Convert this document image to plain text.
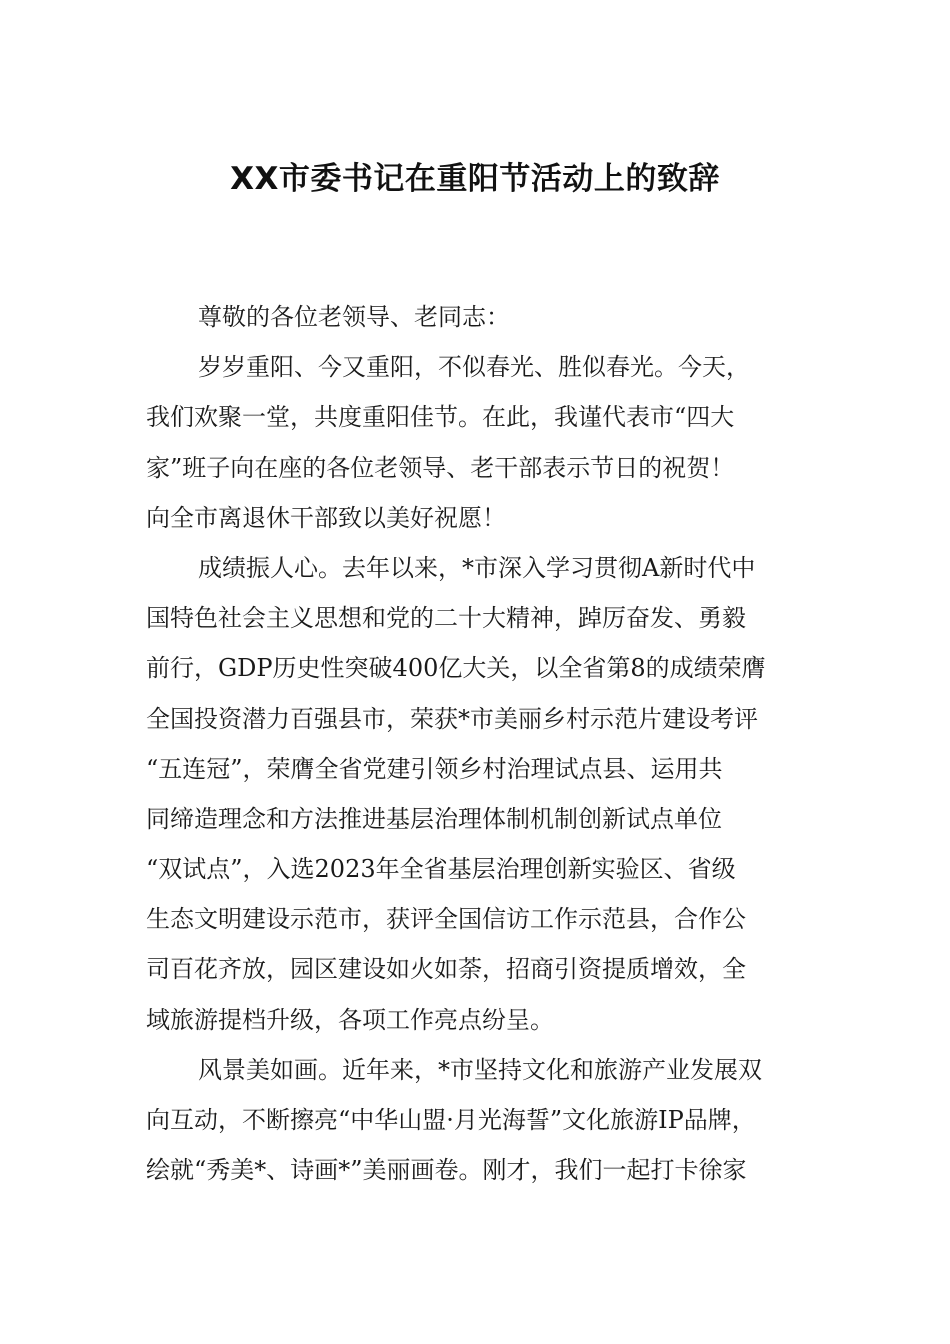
XX市委书记在重阳节活动上的致辞
尊敬的各位老领导、老同志：
岁岁重阳、今又重阳，不似春光、胜似春光。今天，
我们欢聚一堂，共度重阳佳节。在此，我谨代表市“四大
家”班子向在座的各位老领导、老干部表示节日的祝贺！
向全市离退休干部致以美好祝愿！
成绩振人心。去年以来，*市深入学习贯彻A新时代中
国特色社会主义思想和党的二十大精神，踔厉奋发、勇毅
前行，GDP历史性突破400亿大关，以全省第8的成绩荣膺
全国投资潜力百强县市，荣获*市美丽乡村示范片建设考评
“五连冠”，荣膺全省党建引领乡村治理试点县、运用共
同缔造理念和方法推进基层治理体制机制创新试点单位
“双试点”，入选2023年全省基层治理创新实验区、省级
生态文明建设示范市，获评全国信访工作示范县，合作公
司百花齐放，园区建设如火如荼，招商引资提质增效，全
域旅游提档升级，各项工作亮点纷呈。
风景美如画。近年来，*市坚持文化和旅游产业发展双
向互动，不断擦亮“中华山盟·月光海誓”文化旅游IP品牌，
绘就“秀美*、诗画*”美丽画卷。刚才，我们一起打卡徐家
